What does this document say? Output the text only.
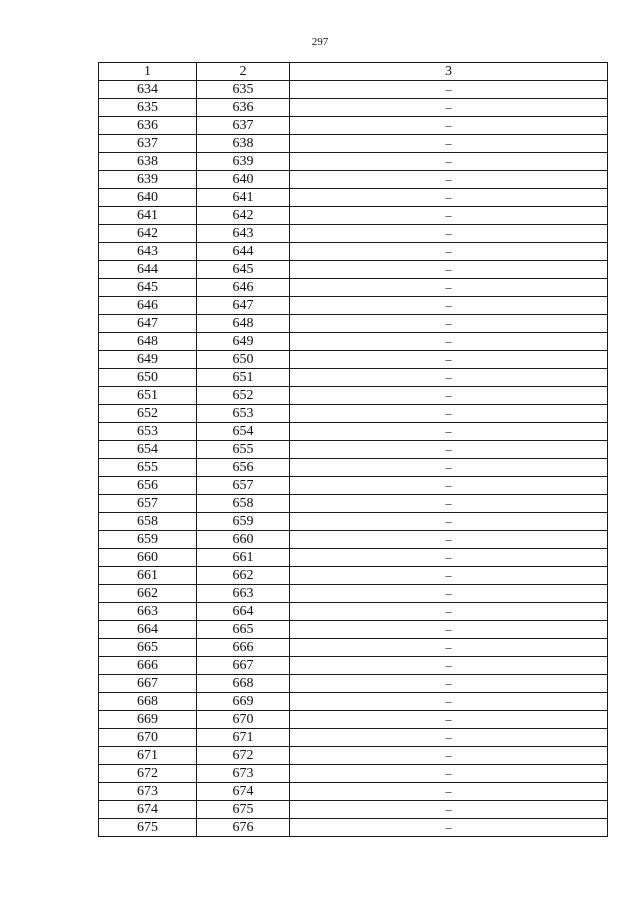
297
1	2	3
634	635	–
635	636	–
636	637	–
637	638	–
638	639	–
639	640	–
640	641	–
641	642	–
642	643	–
643	644	–
644	645	–
645	646	–
646	647	–
647	648	–
648	649	–
649	650	–
650	651	–
651	652	–
652	653	–
653	654	–
654	655	–
655	656	–
656	657	–
657	658	–
658	659	–
659	660	–
660	661	–
661	662	–
662	663	–
663	664	–
664	665	–
665	666	–
666	667	–
667	668	–
668	669	–
669	670	–
670	671	–
671	672	–
672	673	–
673	674	–
674	675	–
675	676	–
